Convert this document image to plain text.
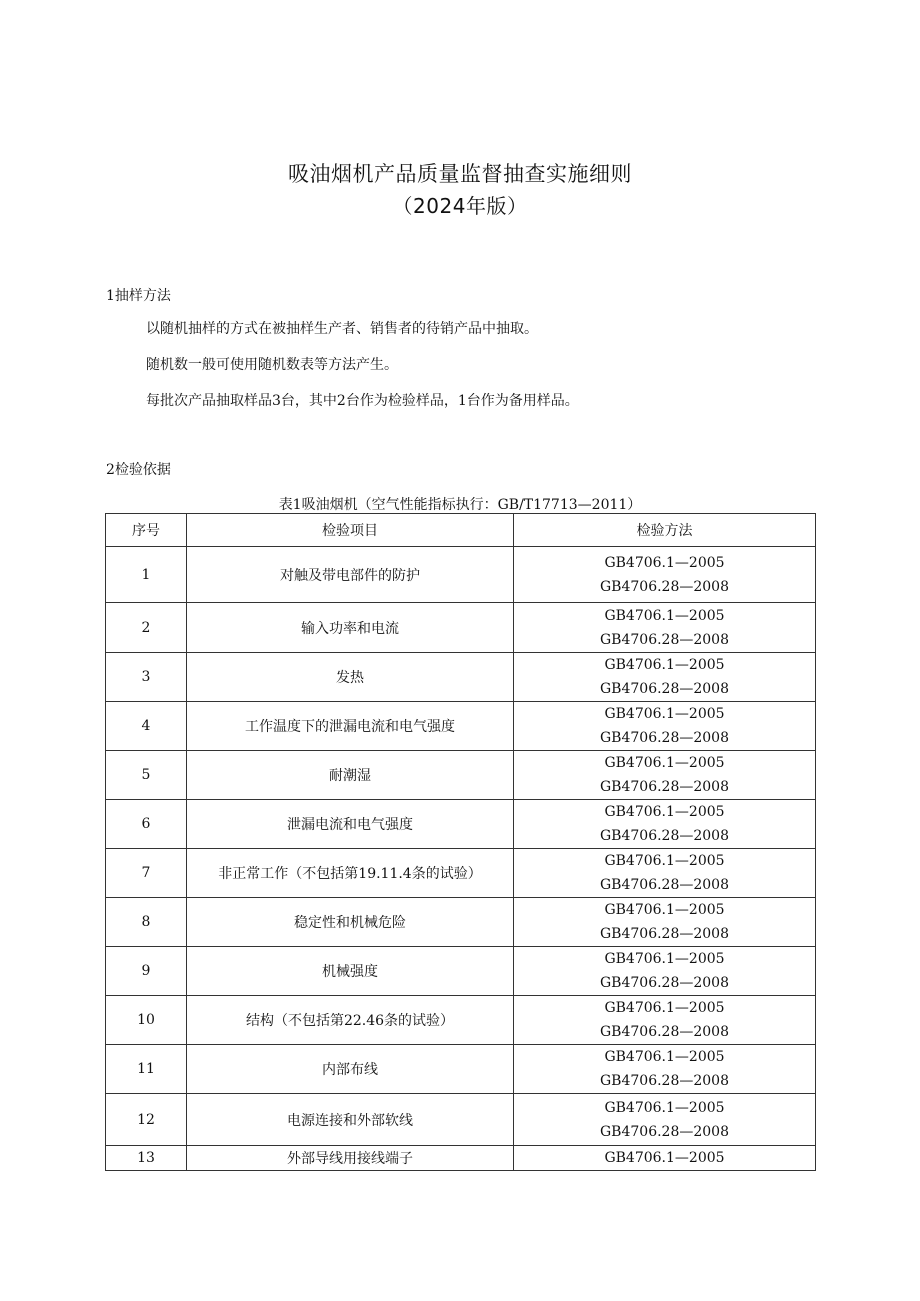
吸油烟机产品质量监督抽查实施细则
（2024年版）
1抽样方法
以随机抽样的方式在被抽样生产者、销售者的待销产品中抽取。
随机数一般可使用随机数表等方法产生。
每批次产品抽取样品3台，其中2台作为检验样品，1台作为备用样品。
2检验依据
表1吸油烟机（空气性能指标执行：GB/T17713—2011）
序号	检验项目	检验方法
1	对触及带电部件的防护	GB4706.1—2005
GB4706.28—2008

2	输入功率和电流	GB4706.1—2005
GB4706.28—2008

3	发热	GB4706.1—2005
GB4706.28—2008

4	工作温度下的泄漏电流和电气强度	GB4706.1—2005
GB4706.28—2008

5	耐潮湿	GB4706.1—2005
GB4706.28—2008

6	泄漏电流和电气强度	GB4706.1—2005
GB4706.28—2008

7	非正常工作（不包括第19.11.4条的试验）	GB4706.1—2005
GB4706.28—2008

8	稳定性和机械危险	GB4706.1—2005
GB4706.28—2008

9	机械强度	GB4706.1—2005
GB4706.28—2008

10	结构（不包括第22.46条的试验）	GB4706.1—2005
GB4706.28—2008

11	内部布线	GB4706.1—2005
GB4706.28—2008

12	电源连接和外部软线	GB4706.1—2005
GB4706.28—2008

13	外部导线用接线端子	GB4706.1—2005
